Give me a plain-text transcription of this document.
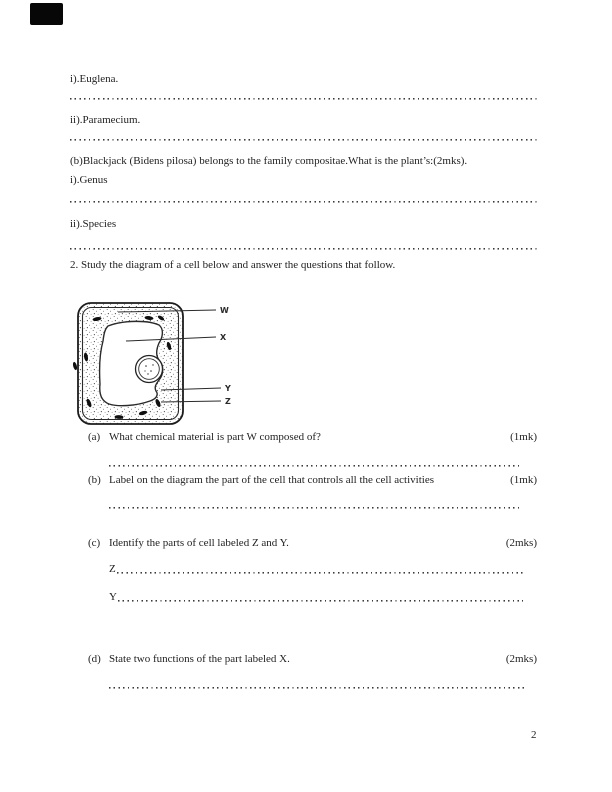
i).Euglena.
ii).Paramecium.
(b)Blackjack (Bidens pilosa) belongs to the family compositae.What is the plant’s:(2mks).
i).Genus
ii).Species
2. Study the diagram of a cell below and answer the questions that follow.
W
X
Y
Z
(a) What chemical material is part W composed of?	(1mk)
(b) Label on the diagram the part of the cell that controls all the cell activities	(1mk)
(c) Identify the parts of cell labeled Z and Y.	(2mks)
Z
Y
(d) State two functions of the part labeled X.	(2mks)
2
